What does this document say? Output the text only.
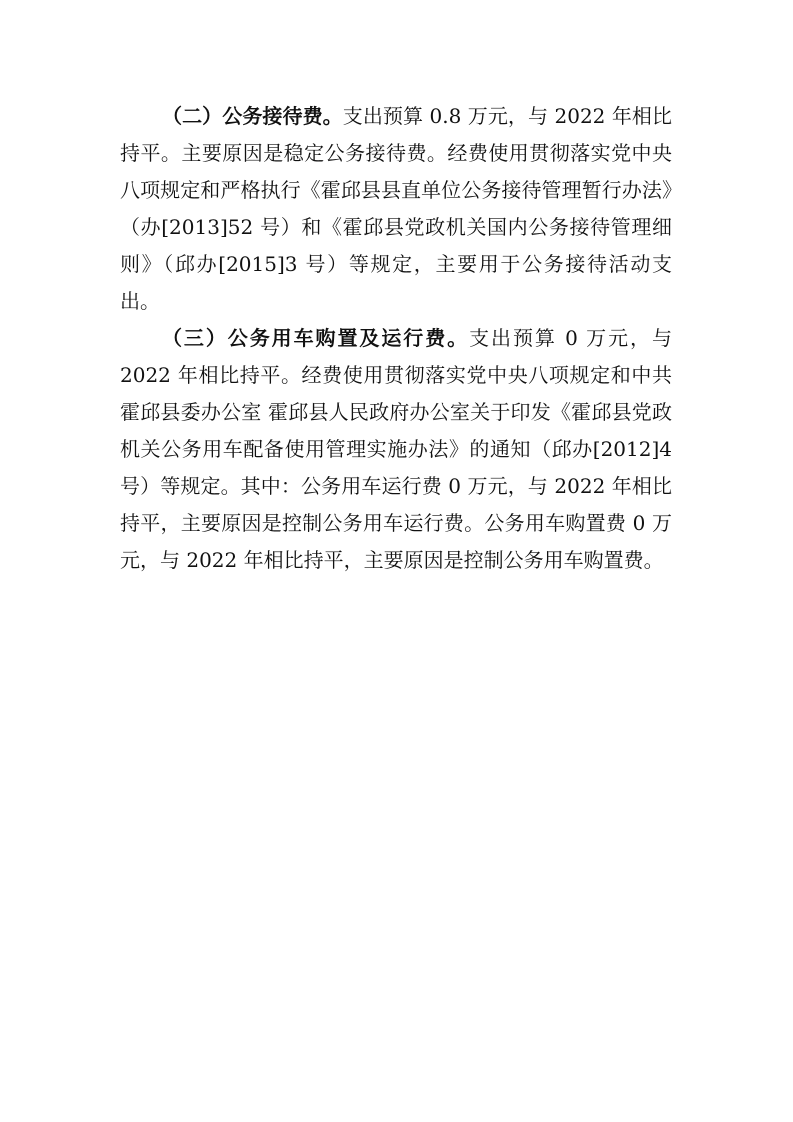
（二）公务接待费。支出预算 0.8 万元，与 2022 年相比持平。主要原因是稳定公务接待费。经费使用贯彻落实党中央八项规定和严格执行《霍邱县县直单位公务接待管理暂行办法》（办[2013]52 号）和《霍邱县党政机关国内公务接待管理细则》（邱办[2015]3 号）等规定，主要用于公务接待活动支出。

（三）公务用车购置及运行费。支出预算 0 万元，与 2022 年相比持平。经费使用贯彻落实党中央八项规定和中共霍邱县委办公室 霍邱县人民政府办公室关于印发《霍邱县党政机关公务用车配备使用管理实施办法》的通知（邱办[2012]4 号）等规定。其中：公务用车运行费 0 万元，与 2022 年相比持平，主要原因是控制公务用车运行费。公务用车购置费 0 万元，与 2022 年相比持平，主要原因是控制公务用车购置费。
